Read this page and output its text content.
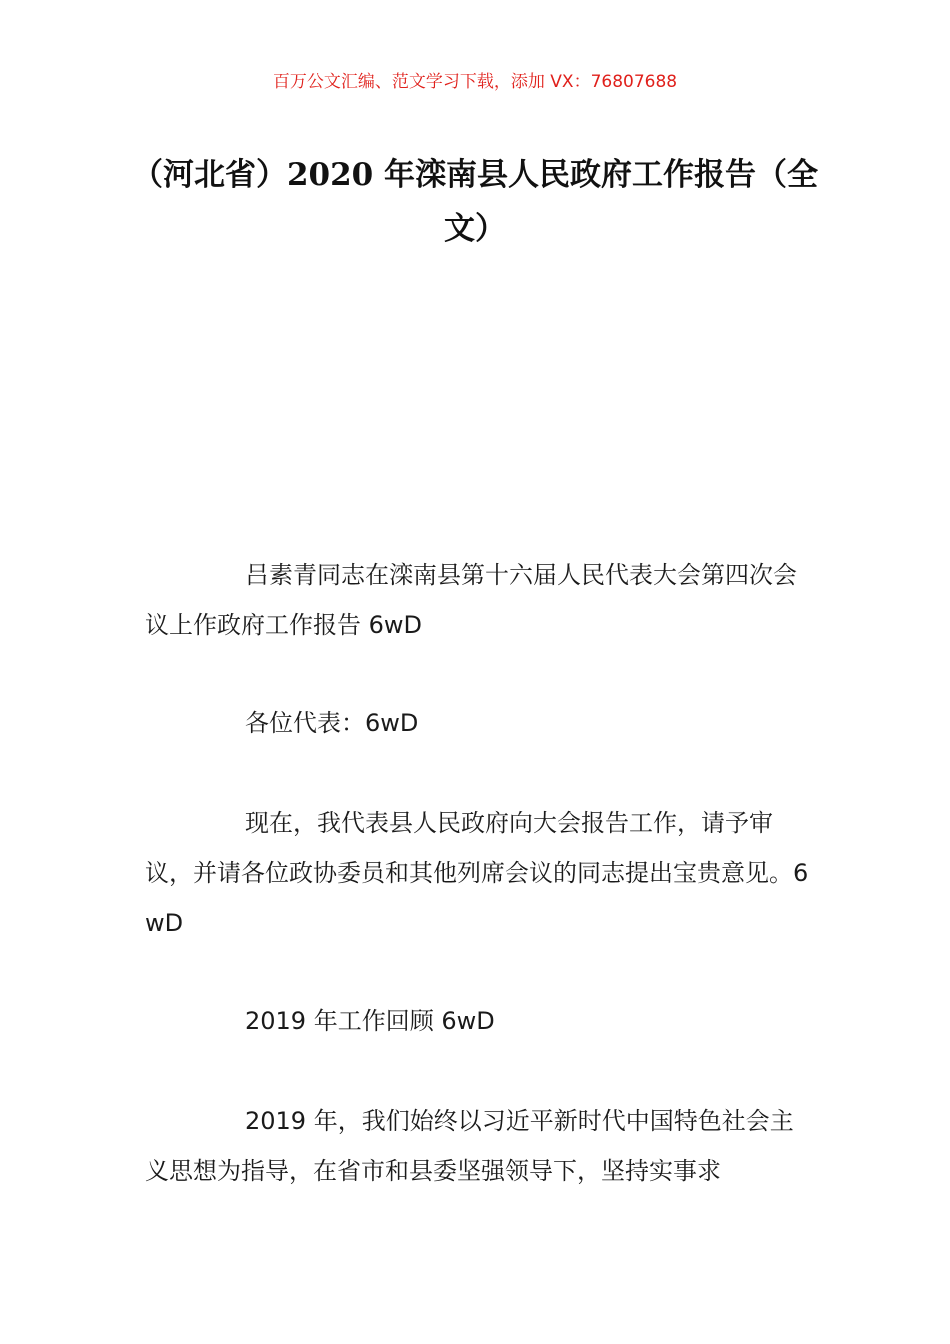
百万公文汇编、范文学习下载，添加 VX：76807688
（河北省）2020 年滦南县人民政府工作报告（全文）

吕素青同志在滦南县第十六届人民代表大会第四次会议上作政府工作报告 6wD

各位代表：6wD

现在，我代表县人民政府向大会报告工作，请予审议，并请各位政协委员和其他列席会议的同志提出宝贵意见。6wD

2019 年工作回顾 6wD

2019 年，我们始终以习近平新时代中国特色社会主义思想为指导，在省市和县委坚强领导下，坚持实事求
